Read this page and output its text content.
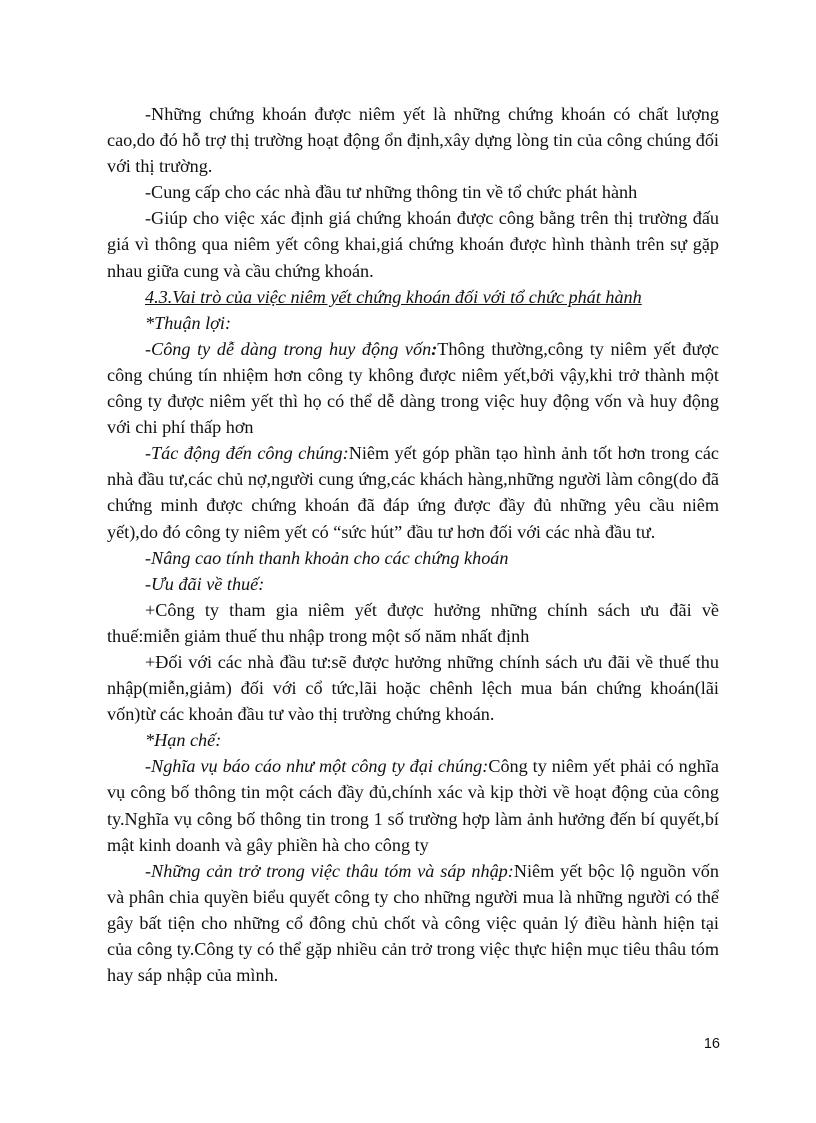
-Những chứng khoán được niêm yết là những chứng khoán có chất lượng cao,do đó hỗ trợ thị trường hoạt động ổn định,xây dựng lòng tin của công chúng đối với thị trường.

-Cung cấp cho các nhà đầu tư những thông tin về tổ chức phát hành

-Giúp cho việc xác định giá chứng khoán được công bằng trên thị trường đấu giá vì thông qua niêm yết công khai,giá chứng khoán được hình thành trên sự gặp nhau giữa cung và cầu chứng khoán.

4.3.Vai trò của việc niêm yết chứng khoán đối với tổ chức phát hành

*Thuận lợi:

-Công ty dễ dàng trong huy động vốn:Thông thường,công ty niêm yết được công chúng tín nhiệm hơn công ty không được niêm yết,bởi vậy,khi trở thành một công ty được niêm yết thì họ có thể dễ dàng trong việc huy động vốn và huy động với chi phí thấp hơn

-Tác động đến công chúng:Niêm yết góp phần tạo hình ảnh tốt hơn trong các nhà đầu tư,các chủ nợ,người cung ứng,các khách hàng,những người làm công(do đã chứng minh được chứng khoán đã đáp ứng được đầy đủ những yêu cầu niêm yết),do đó công ty niêm yết có “sức hút” đầu tư hơn đối với các nhà đầu tư.

-Nâng cao tính thanh khoản cho các chứng khoán

-Ưu đãi về thuế:

+Công ty tham gia niêm yết được hưởng những chính sách ưu đãi về thuế:miễn giảm thuế thu nhập trong một số năm nhất định

+Đối với các nhà đầu tư:sẽ được hưởng những chính sách ưu đãi về thuế thu nhập(miễn,giảm) đối với cổ tức,lãi hoặc chênh lệch mua bán chứng khoán(lãi vốn)từ các khoản đầu tư vào thị trường chứng khoán.

*Hạn chế:

-Nghĩa vụ báo cáo như một công ty đại chúng:Công ty niêm yết phải có nghĩa vụ công bố thông tin một cách đầy đủ,chính xác và kịp thời về hoạt động của công ty.Nghĩa vụ công bố thông tin trong 1 số trường hợp làm ảnh hưởng đến bí quyết,bí mật kinh doanh và gây phiền hà cho công ty

-Những cản trở trong việc thâu tóm và sáp nhập:Niêm yết bộc lộ nguồn vốn và phân chia quyền biểu quyết công ty cho những người mua là những người có thể gây bất tiện cho những cổ đông chủ chốt và công việc quản lý điều hành hiện tại của công ty.Công ty có thể gặp nhiều cản trở trong việc thực hiện mục tiêu thâu tóm hay sáp nhập của mình.

16
